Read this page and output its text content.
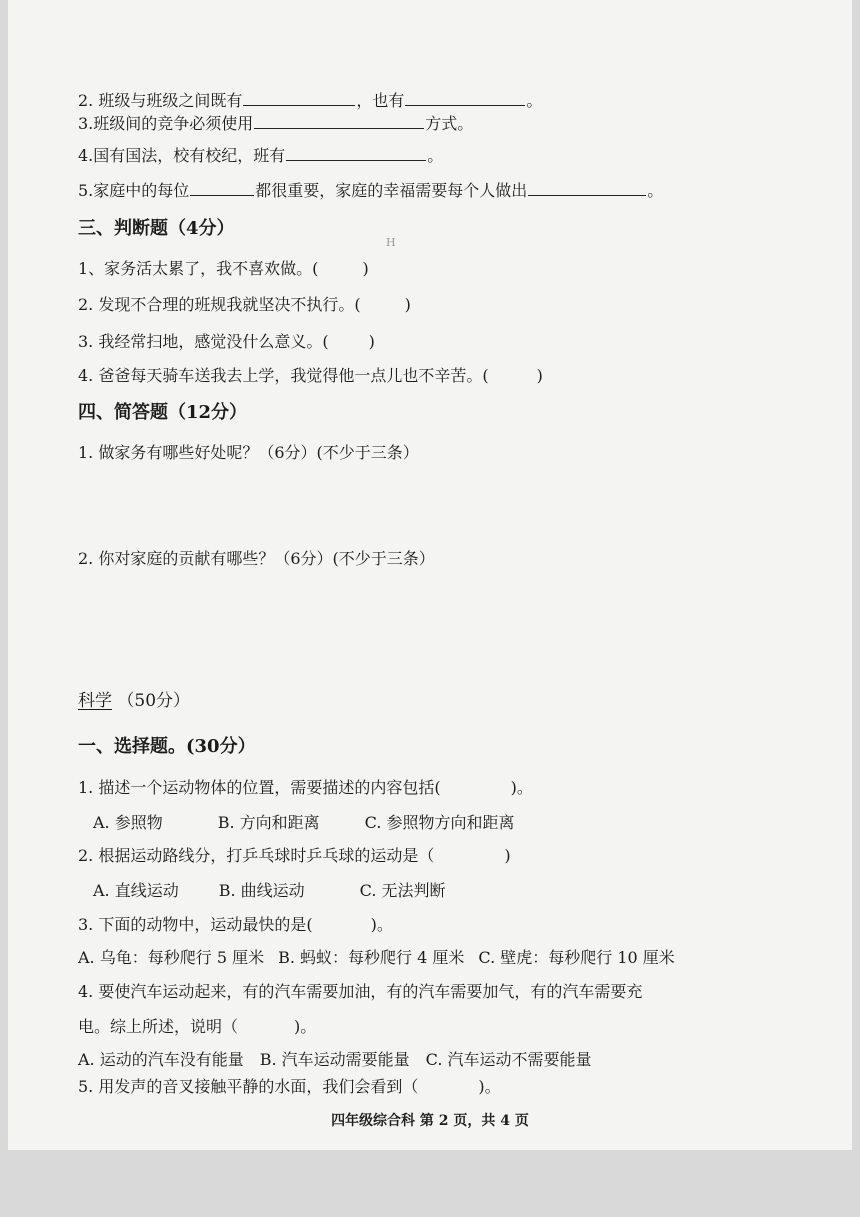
2. 班级与班级之间既有	，也有	。
3.班级间的竞争必须使用	方式。
4.国有国法，校有校纪，班有	。
5.家庭中的每位	都很重要，家庭的幸福需要每个人做出	。
三、判断题（4分）
H
1、家务活太累了，我不喜欢做。(	)
2. 发现不合理的班规我就坚决不执行。(	)
3. 我经常扫地，感觉没什么意义。(	)
4. 爸爸每天骑车送我去上学，我觉得他一点儿也不辛苦。(	)
四、简答题（12分）
1. 做家务有哪些好处呢？（6分）(不少于三条）
2. 你对家庭的贡献有哪些？（6分）(不少于三条）
科学 （50分）
一、选择题。(30分）
1. 描述一个运动物体的位置，需要描述的内容包括(	)。
A. 参照物	B. 方向和距离	C. 参照物方向和距离
2. 根据运动路线分，打乒乓球时乒乓球的运动是（	)
A. 直线运动	B. 曲线运动	C. 无法判断
3. 下面的动物中，运动最快的是(	)。
A. 乌龟：每秒爬行 5 厘米 B. 蚂蚁：每秒爬行 4 厘米 C. 壁虎：每秒爬行 10 厘米
4. 要使汽车运动起来，有的汽车需要加油，有的汽车需要加气，有的汽车需要充
电。综上所述，说明（	)。
A. 运动的汽车没有能量 B. 汽车运动需要能量 C. 汽车运动不需要能量
5. 用发声的音叉接触平静的水面，我们会看到（	)。
四年级综合科 第 2 页，共 4 页
